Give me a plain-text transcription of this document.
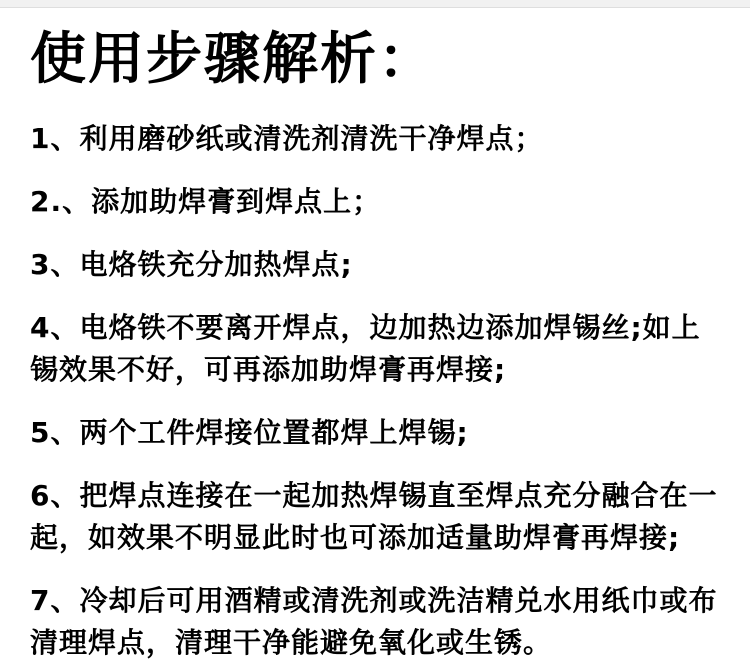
使用步骤解析：

1、利用磨砂纸或清洗剂清洗干净焊点；

2.、添加助焊膏到焊点上；

3、电烙铁充分加热焊点;

4、电烙铁不要离开焊点，边加热边添加焊锡丝;如上锡效果不好，可再添加助焊膏再焊接;

5、两个工件焊接位置都焊上焊锡;

6、把焊点连接在一起加热焊锡直至焊点充分融合在一起，如效果不明显此时也可添加适量助焊膏再焊接;

7、冷却后可用酒精或清洗剂或洗洁精兑水用纸巾或布清理焊点，清理干净能避免氧化或生锈。
